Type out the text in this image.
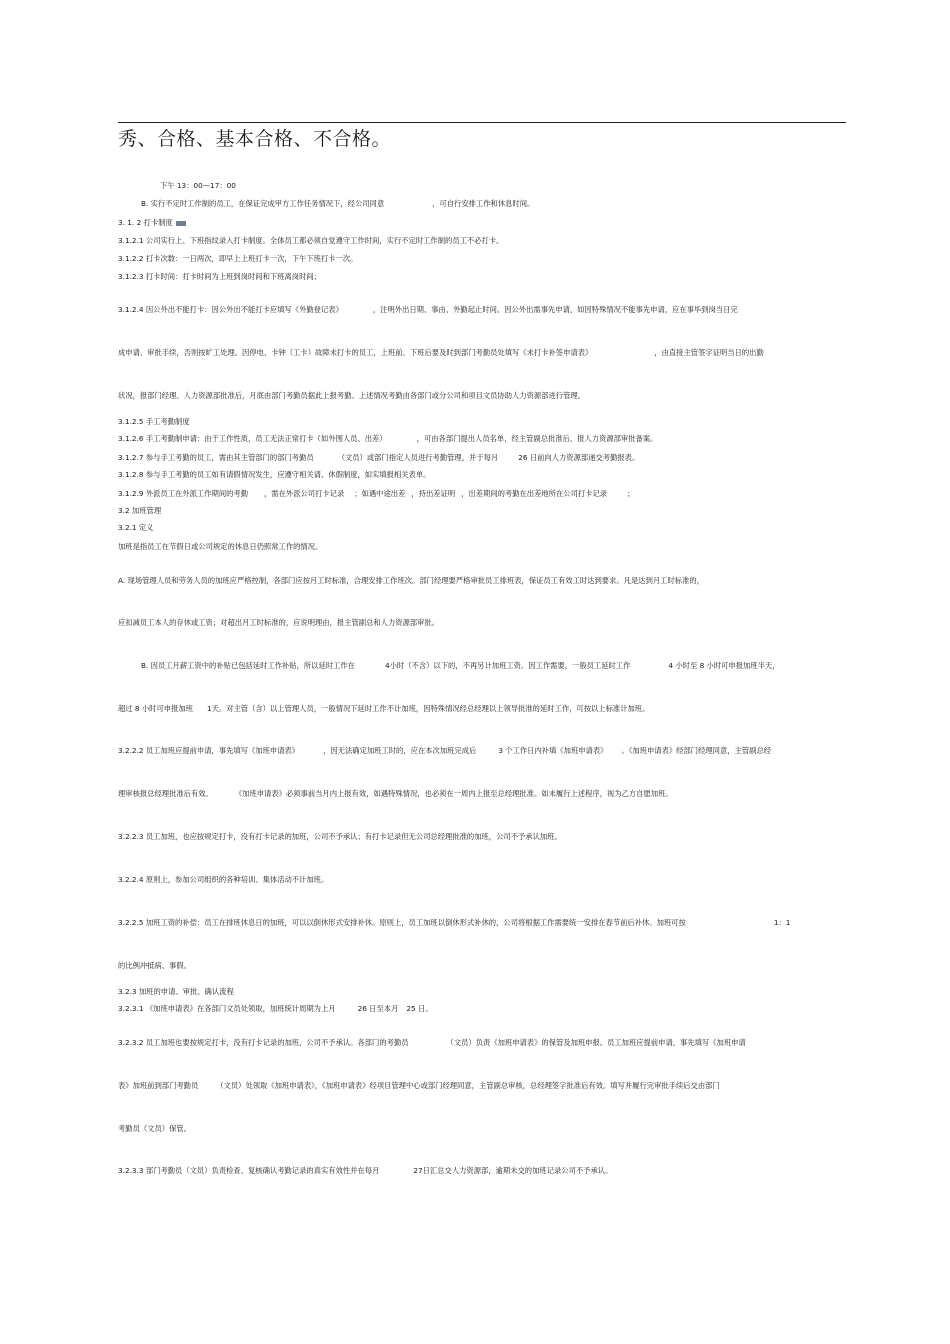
秀、合格、基本合格、不合格。
下午 13：00—17：00
B. 实行不定时工作制的员工，在保证完成甲方工作任务情况下，经公司同意	，可自行安排工作和休息时间。
3. 1. 2 打卡制度
3.1.2.1 公司实行上、下班指纹录入打卡制度。全体员工都必须自觉遵守工作时间，实行不定时工作制的员工不必打卡。
3.1.2.2 打卡次数：一日两次，即早上上班打卡一次，下午下班打卡一次。
3.1.2.3 打卡时间：打卡时间为上班到岗时间和下班离岗时间；
3.1.2.4 因公外出不能打卡：因公外出不能打卡应填写《外勤登记表》	，注明外出日期、事由、外勤起止时间。因公外出需事先申请，如因特殊情况不能事先申请，应在事毕到岗当日完
成申请、审批手续，否则按旷工处理。因停电、卡钟（工卡）故障未打卡的员工，上班前、下班后要及时到部门考勤员处填写《未打卡补签申请表》	，由直接主管签字证明当日的出勤
状况，报部门经理、人力资源部批准后，月底由部门考勤员据此上报考勤。上述情况考勤由各部门或分公司和项目文员协助人力资源部进行管理。
3.1.2.5 手工考勤制度
3.1.2.6 手工考勤制申请：由于工作性质，员工无法正常打卡（如外围人员、出差）	，可由各部门提出人员名单，经主管副总批准后，报人力资源部审批备案。
3.1.2.7 参与手工考勤的员工，需由其主管部门的部门考勤员	（文员）或部门指定人员进行考勤管理，并于每月	26 日前向人力资源部递交考勤报表。
3.1.2.8 参与手工考勤的员工如有请假情况发生，应遵守相关请、休假制度，如实填报相关表单。
3.1.2.9 外派员工在外派工作期间的考勤 ，需在外派公司打卡记录 ；如遇中途出差 ，持出差证明 ，出差期间的考勤在出差地所在公司打卡记录	；
3.2 加班管理
3.2.1 定义
加班是指员工在节假日或公司规定的休息日仍照常工作的情况。
A. 现场管理人员和劳务人员的加班应严格控制，各部门应按月工时标准，合理安排工作班次。部门经理要严格审批员工排班表，保证员工有效工时达到要求。凡是达到月工时标准的，
应扣减员工本人的存休或工资；对超出月工时标准的，应说明理由，报主管副总和人力资源部审批。
B. 因员工月薪工资中的补贴已包括延时工作补贴，所以延时工作在	4小时（不含）以下的，不再另计加班工资。因工作需要，一般员工延时工作	4 小时至 8 小时可申报加班半天，
超过 8 小时可申报加班 1天。对主管（含）以上管理人员，一般情况下延时工作不计加班，因特殊情况经总经理以上领导批准的延时工作，可按以上标准计加班。
3.2.2.2 员工加班应提前申请，事先填写《加班申请表》	，因无法确定加班工时的，应在本次加班完成后	3 个工作日内补填《加班申请表》 。《加班申请表》经部门经理同意，主管副总经
理审核报总经理批准后有效。	《加班申请表》必须事前当月内上报有效，如遇特殊情况，也必须在一周内上报至总经理批准。如未履行上述程序，视为乙方自愿加班。
3.2.2.3 员工加班，也应按规定打卡，没有打卡记录的加班，公司不予承认；有打卡记录但无公司总经理批准的加班，公司不予承认加班。
3.2.2.4 原则上，参加公司组织的各种培训、集体活动不计加班。
3.2.2.5 加班工资的补偿：员工在排班休息日的加班，可以以倒休形式安排补休。原则上，员工加班以倒休形式补休的，公司将根据工作需要统一安排在春节前后补休。加班可按	1：1
的比例冲抵病、事假。
3.2.3 加班的申请、审批、确认流程
3.2.3.1 《加班申请表》在各部门文员处领取，加班统计周期为上月	26 日至本月 25 日。
3.2.3.2 员工加班也要按规定打卡，没有打卡记录的加班，公司不予承认。各部门的考勤员	（文员）负责《加班申请表》的保管及加班申报。员工加班应提前申请，事先填写《加班申请
表》加班前到部门考勤员 （文员）处领取《加班申请表》，《加班申请表》经项目管理中心或部门经理同意，主管副总审核，总经理签字批准后有效。填写并履行完审批手续后交由部门
考勤员（文员）保管。
3.2.3.3 部门考勤员（文员）负责检查、复核确认考勤记录的真实有效性并在每月	27日汇总交人力资源部，逾期未交的加班记录公司不予承认。
